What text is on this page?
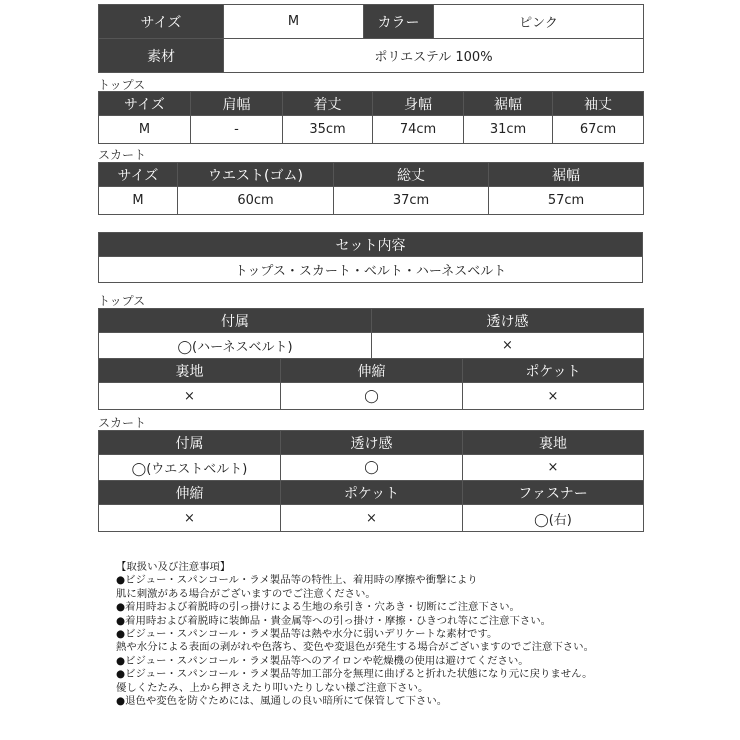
サイズ	M	カラー	ピンク
素材	ポリエステル 100%		
トップス
サイズ	肩幅	着丈	身幅	裾幅	袖丈
M	-	35cm	74cm	31cm	67cm
スカート
サイズ	ウエスト(ゴム)	総丈	裾幅
M	60cm	37cm	57cm
セット内容
トップス・スカート・ベルト・ハーネスベルト
トップス
付属		透け感	
◯(ハーネスベルト)		×	
裏地	伸縮		ポケット
×	◯		×
スカート
付属	透け感	裏地
◯(ウエストベルト)	◯	×
伸縮	ポケット	ファスナー
×	×	◯(右)
【取扱い及び注意事項】
●ビジュー・スパンコール・ラメ製品等の特性上、着用時の摩擦や衝撃により
肌に刺激がある場合がございますのでご注意ください。
●着用時および着脱時の引っ掛けによる生地の糸引き・穴あき・切断にご注意下さい。
●着用時および着脱時に装飾品・貴金属等への引っ掛け・摩擦・ひきつれ等にご注意下さい。
●ビジュー・スパンコール・ラメ製品等は熱や水分に弱いデリケートな素材です。
熱や水分による表面の剥がれや色落ち、変色や変退色が発生する場合がございますのでご注意下さい。
●ビジュー・スパンコール・ラメ製品等へのアイロンや乾燥機の使用は避けてください。
●ビジュー・スパンコール・ラメ製品等加工部分を無理に曲げると折れた状態になり元に戻りません。
優しくたたみ、上から押さえたり叩いたりしない様ご注意下さい。
●退色や変色を防ぐためには、風通しの良い暗所にて保管して下さい。
